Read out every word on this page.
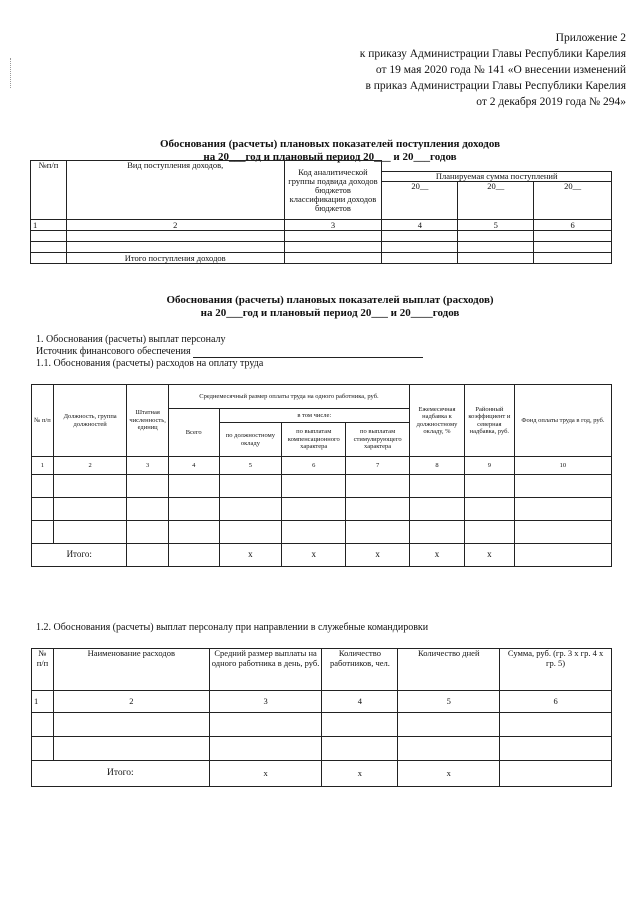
Приложение 2
к приказу Администрации Главы Республики Карелия
от 19 мая 2020 года № 141 «О внесении изменений
в приказ Администрации Главы Республики Карелия
от 2 декабря 2019 года № 294»
Обоснования (расчеты) плановых показателей поступления доходов
на 20___год и плановый период 20___ и 20___годов
№п/п	Вид поступления доходов,	Код аналитической группы подвида доходов бюджетов классификации доходов бюджетов			
			Планируемая сумма поступлений		
			20__	20__	20__
1	2	3	4	5	6

	Итого поступления доходов				
Обоснования (расчеты) плановых показателей выплат (расходов)
на 20___год и плановый период 20___ и 20____годов
1. Обоснования (расчеты) выплат персоналу
Источник финансового обеспечения
1.1. Обоснования (расчеты) расходов на оплату труда
№ п/п	Должность, группа должностей	Штатная численность, единиц	Среднемесячный размер оплаты труда на одного работника, руб.				Ежемесячная надбавка к должностному окладу, %	Районный коэффициент и северная надбавка, руб.	Фонд оплаты труда в год, руб.
			Всего	в том числе:					
				по должностному окладу	по выплатам компенсационного характера	по выплатам стимулирующего характера			
1	2	3	4	5	6	7	8	9	10

Итого:				x	x	x	x	x	
1.2. Обоснования (расчеты) выплат персоналу при направлении в служебные командировки
№ п/п	Наименование расходов	Средний размер выплаты на одного работника в день, руб.	Количество работников, чел.	Количество дней	Сумма, руб. (гр. 3 x гр. 4 x гр. 5)
1	2	3	4	5	6

Итого:		x	x	x	
